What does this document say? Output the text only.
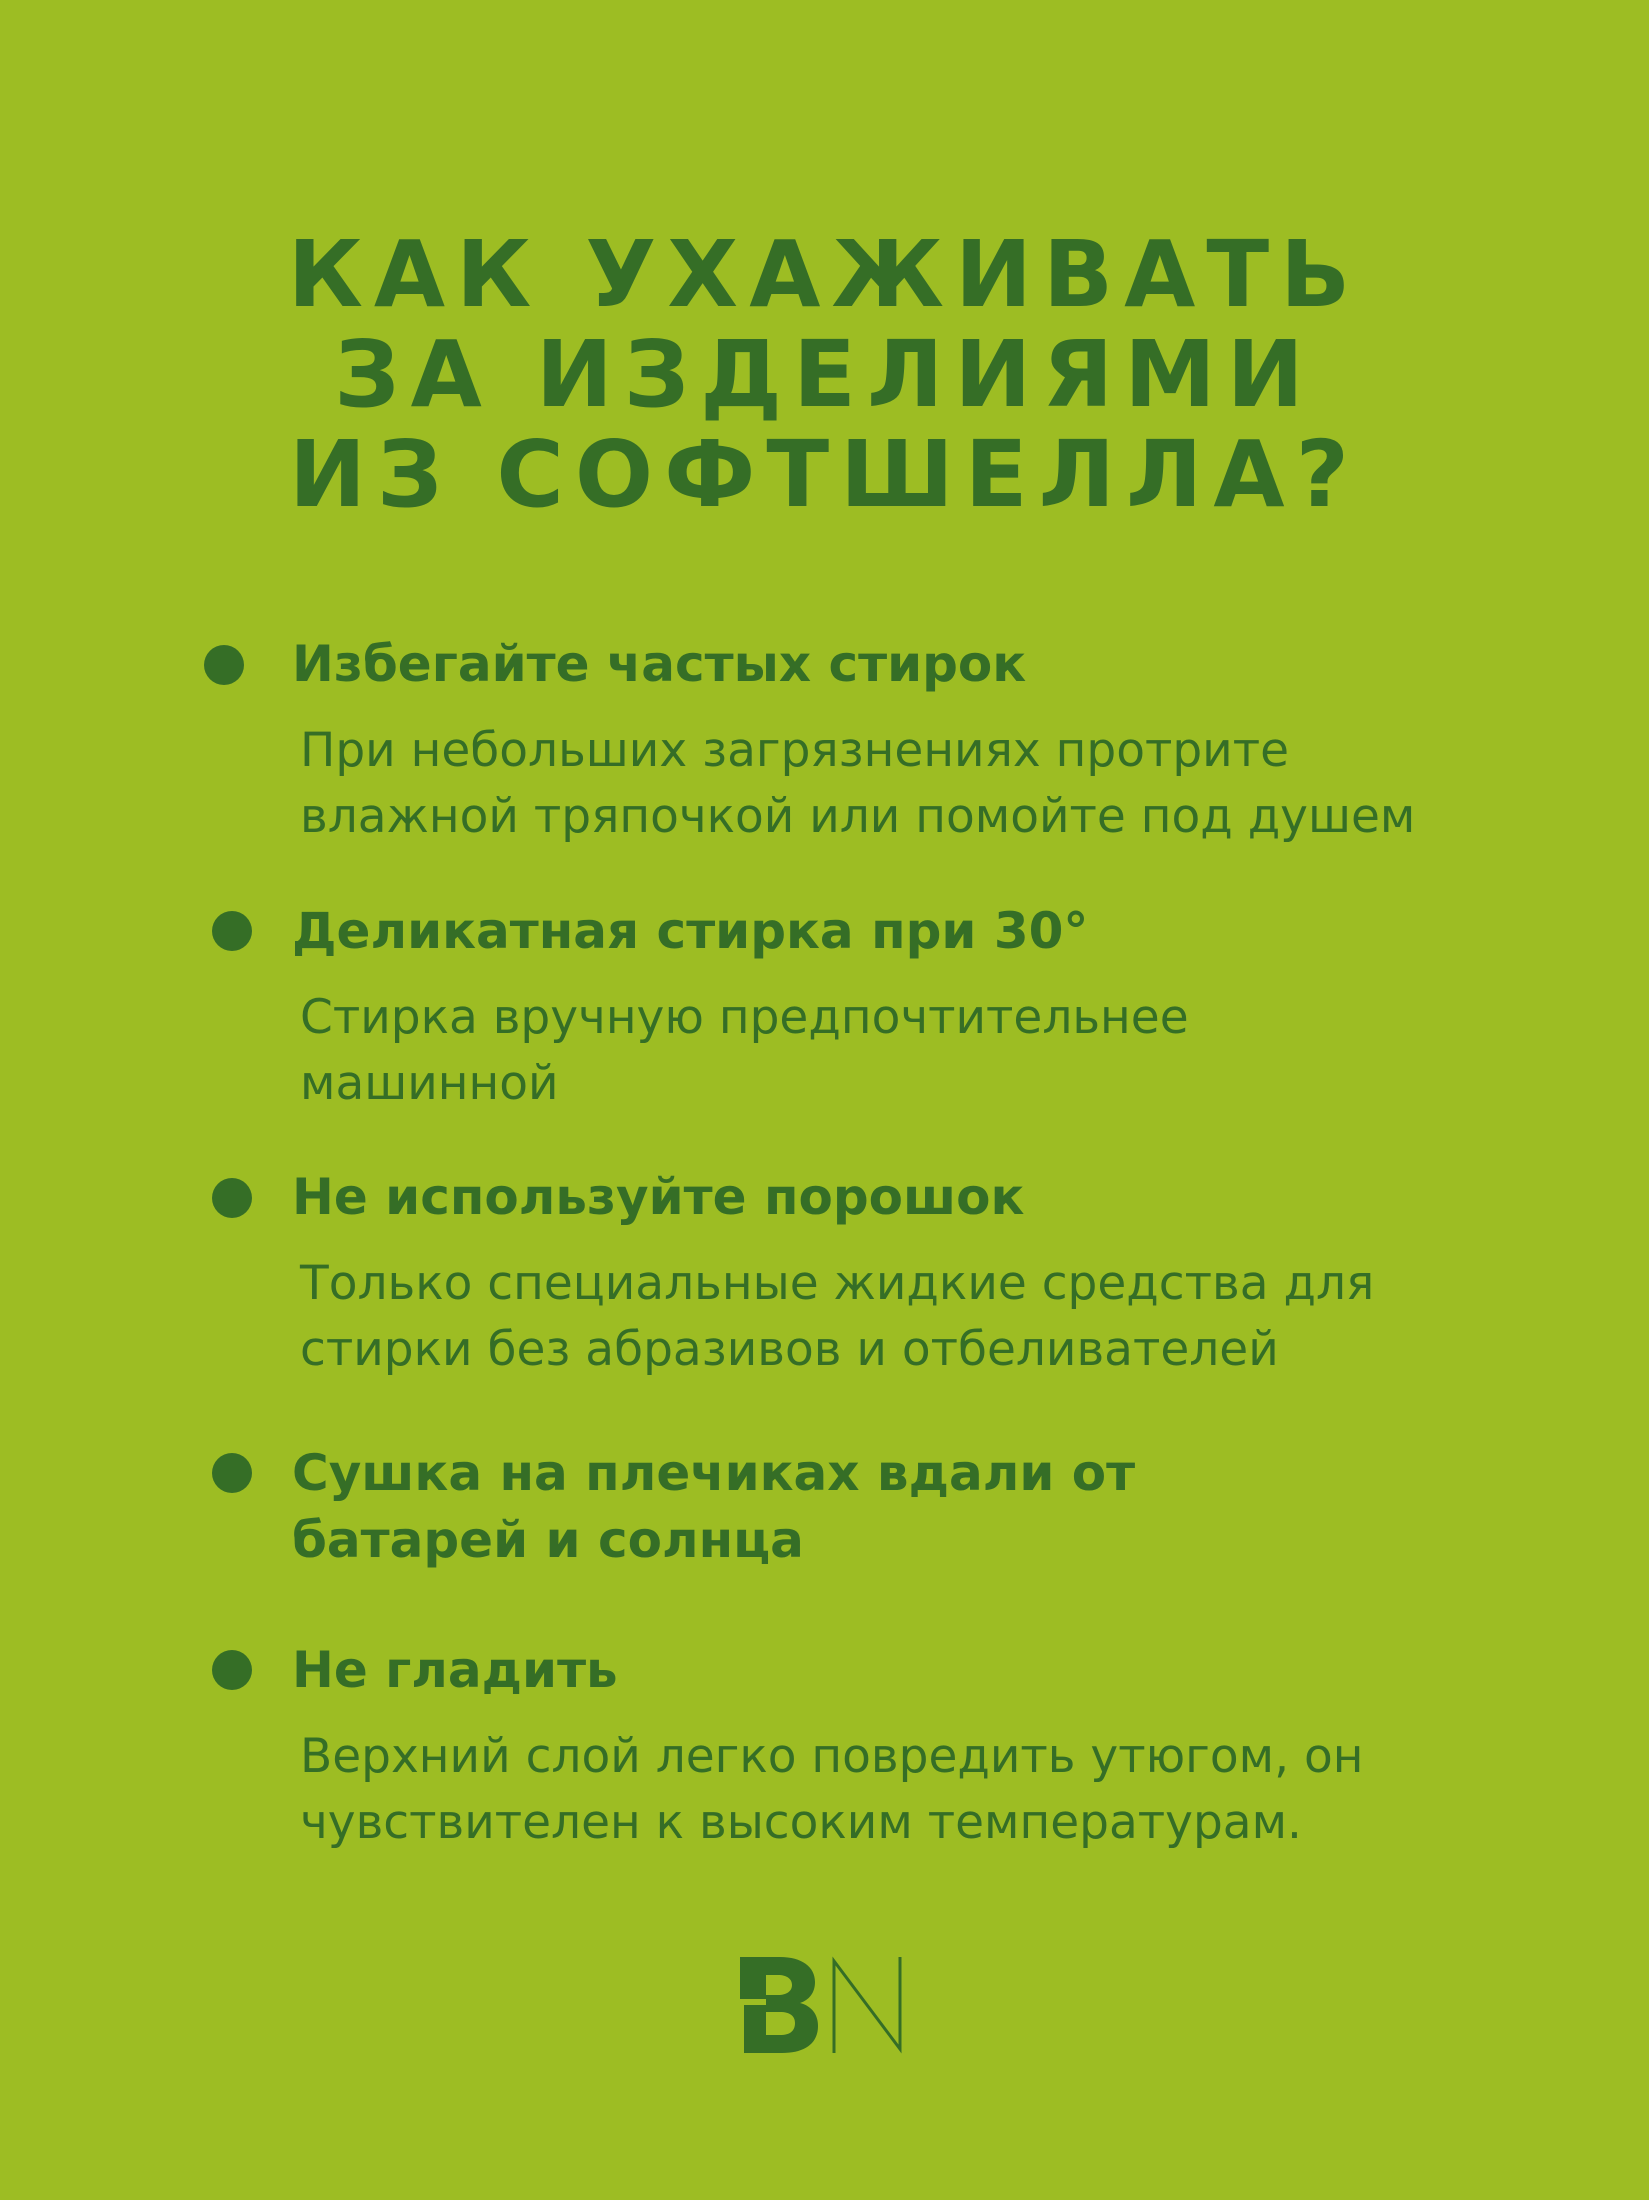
КАК УХАЖИВАТЬ
ЗА ИЗДЕЛИЯМИ
ИЗ СОФТШЕЛЛА?
Избегайте частых стирок
При небольших загрязнениях протрите
влажной тряпочкой или помойте под душем
Деликатная стирка при 30°
Стирка вручную предпочтительнее
машинной
Не используйте порошок
Только специальные жидкие средства для
стирки без абразивов и отбеливателей
Сушка на плечиках вдали от
батарей и солнца
Не гладить
Верхний слой легко повредить утюгом, он
чувствителен к высоким температурам.
